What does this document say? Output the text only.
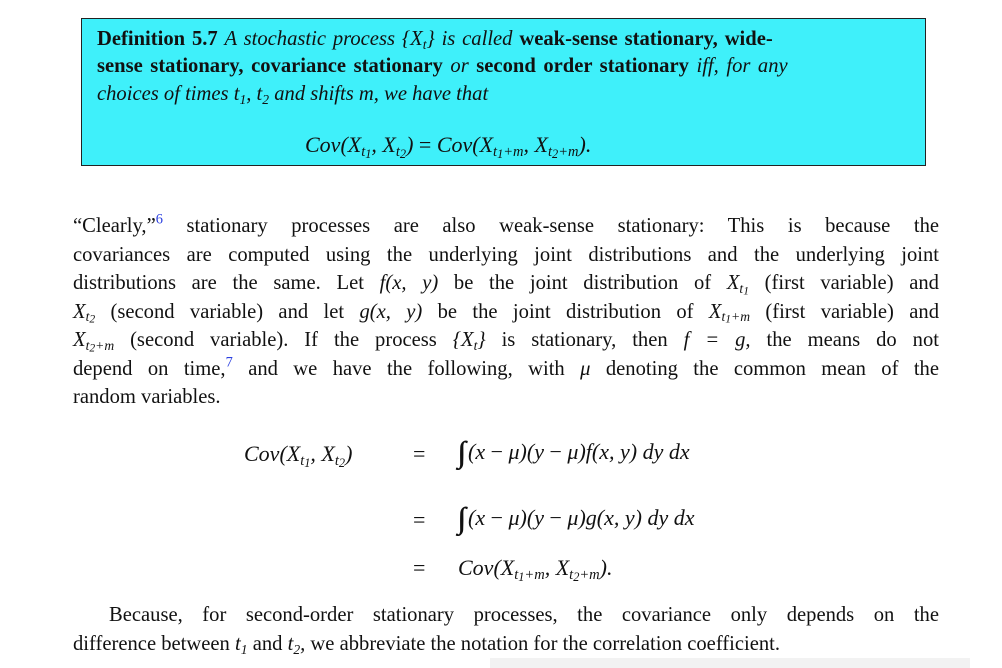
Definition 5.7 A stochastic process $\{X_t\}$ is called weak-sense stationary, wide-
sense stationary, covariance stationary or second order stationary iff, for any
choices of times $t_1$, $t_2$ and shifts m, we have that
$Cov(X_{t_1}$, $X_{t_2}) = Cov(X_{t_1+m}$, $X_{t_2+m}$).
“Clearly,”$^6$ stationary processes are also weak-sense stationary: This is because the
covariances are computed using the underlying joint distributions and the underlying joint
distributions are the same. Let f(x, y) be the joint distribution of $X_{t_1}$ (first variable) and
$X_{t_2}$ (second variable) and let g(x, y) be the joint distribution of $X_{t_1+m}$ (first variable) and
$X_{t_2+m}$ (second variable). If the process $\{X_t\}$ is stationary, then f = g, the means do not
depend on time,$^7$ and we have the following, with μ denoting the common mean of the
random variables.
$Cov(X_{t_1}$, $X_{t_2}$)	=	(x − μ)(y − μ)f(x, y) dy dx
=	(x − μ)(y − μ)g(x, y) dy dx
= $Cov(X_{t_1+m}$, $X_{t_2+m}$).
Because, for second-order stationary processes, the covariance only depends on the
difference between $t_1$ and $t_2$, we abbreviate the notation for the correlation coefficient.
